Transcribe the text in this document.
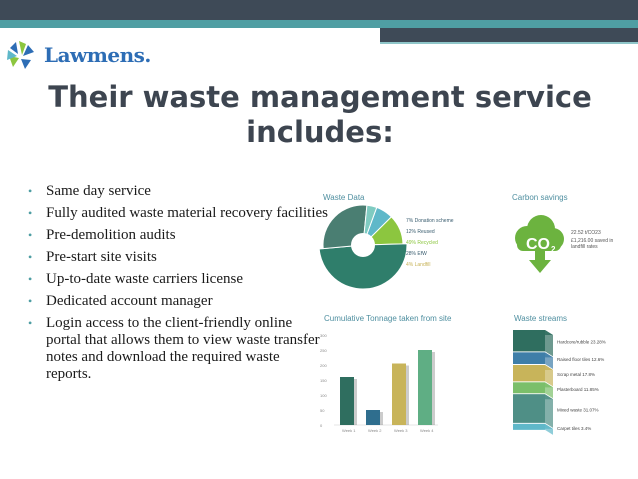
Lawmens.
Their waste management service
includes:
• Same day service
• Fully audited waste material recovery facilities
• Pre-demolition audits
• Pre-start site visits
• Up-to-date waste carriers license
• Dedicated account manager
• Login access to the client-friendly online portal that allows them to view waste transfer notes and download the required waste reports.
Waste Data
7% Donation scheme
12% Reused
49% Recycled
28% EfW
4% Landfill
Carbon savings
CO 2
22.52 t/CO23
£1,216.00 saved in
landfill rates
Cumulative Tonnage taken from site
0
50
100
150
200
250
300
Week 1	Week 2	Week 3	Week 4
Waste streams
Hardcore/rubble 23.28%
Raised floor tiles 12.6%
Scrap metal 17.8%
Plasterboard 11.85%
Mixed waste 31.07%
Carpet tiles 3.4%
